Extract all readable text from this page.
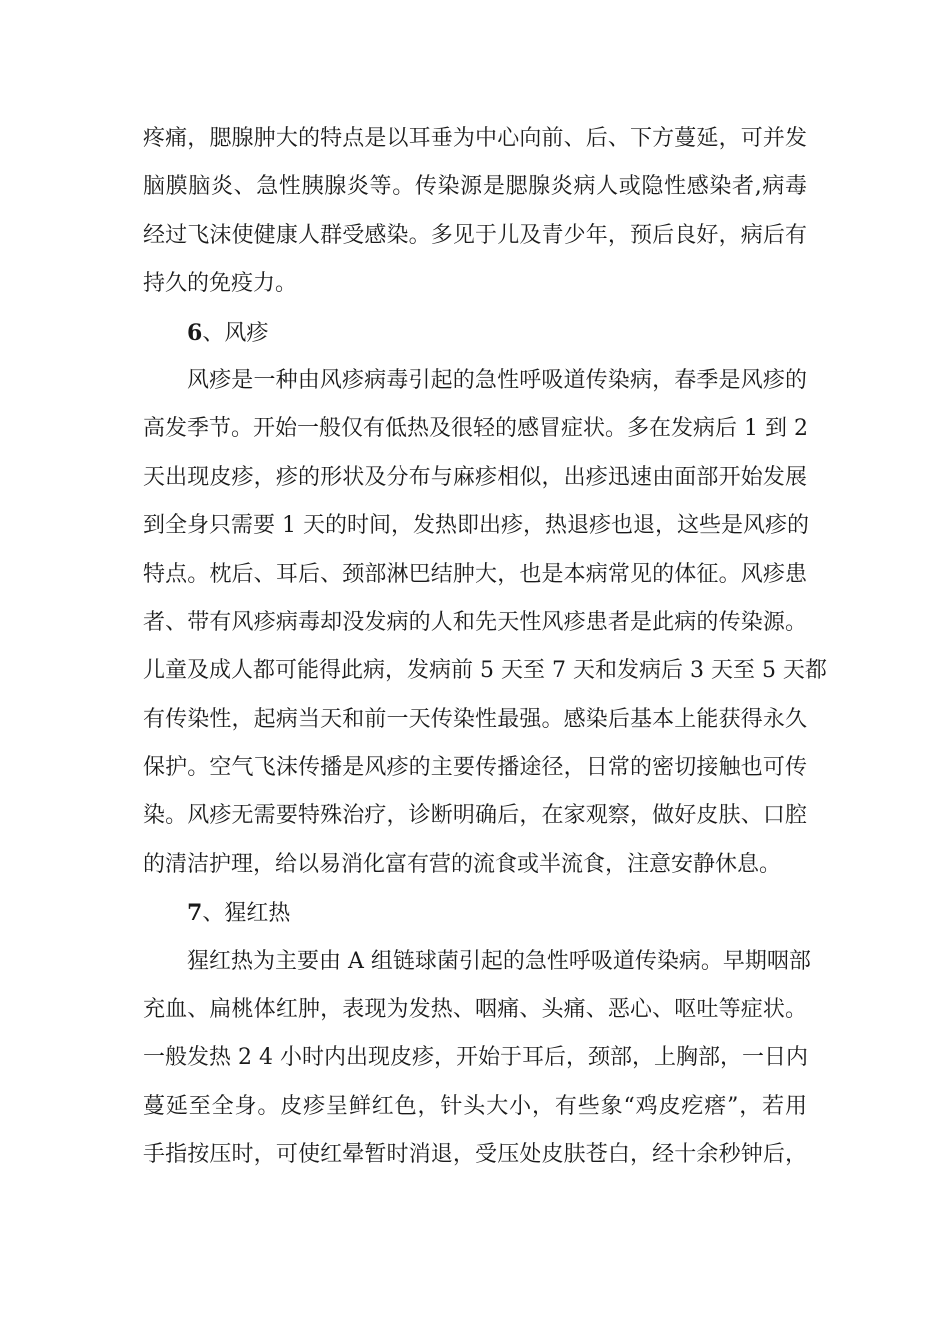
疼痛，腮腺肿大的特点是以耳垂为中心向前、后、下方蔓延，可并发
脑膜脑炎、急性胰腺炎等。传染源是腮腺炎病人或隐性感染者,病毒
经过飞沫使健康人群受感染。多见于儿及青少年，预后良好，病后有
持久的免疫力。
6、风疹
风疹是一种由风疹病毒引起的急性呼吸道传染病，春季是风疹的
高发季节。开始一般仅有低热及很轻的感冒症状。多在发病后 1 到 2
天出现皮疹，疹的形状及分布与麻疹相似，出疹迅速由面部开始发展
到全身只需要 1 天的时间，发热即出疹，热退疹也退，这些是风疹的
特点。枕后、耳后、颈部淋巴结肿大，也是本病常见的体征。风疹患
者、带有风疹病毒却没发病的人和先天性风疹患者是此病的传染源。
儿童及成人都可能得此病，发病前 5 天至 7 天和发病后 3 天至 5 天都
有传染性，起病当天和前一天传染性最强。感染后基本上能获得永久
保护。空气飞沫传播是风疹的主要传播途径，日常的密切接触也可传
染。风疹无需要特殊治疗，诊断明确后，在家观察，做好皮肤、口腔
的清洁护理，给以易消化富有营的流食或半流食，注意安静休息。
7、猩红热
猩红热为主要由 A 组链球菌引起的急性呼吸道传染病。早期咽部
充血、扁桃体红肿，表现为发热、咽痛、头痛、恶心、呕吐等症状。
一般发热 2 4 小时内出现皮疹，开始于耳后，颈部，上胸部，一日内
蔓延至全身。皮疹呈鲜红色，针头大小，有些象“鸡皮疙瘩”，若用
手指按压时，可使红晕暂时消退，受压处皮肤苍白，经十余秒钟后，
